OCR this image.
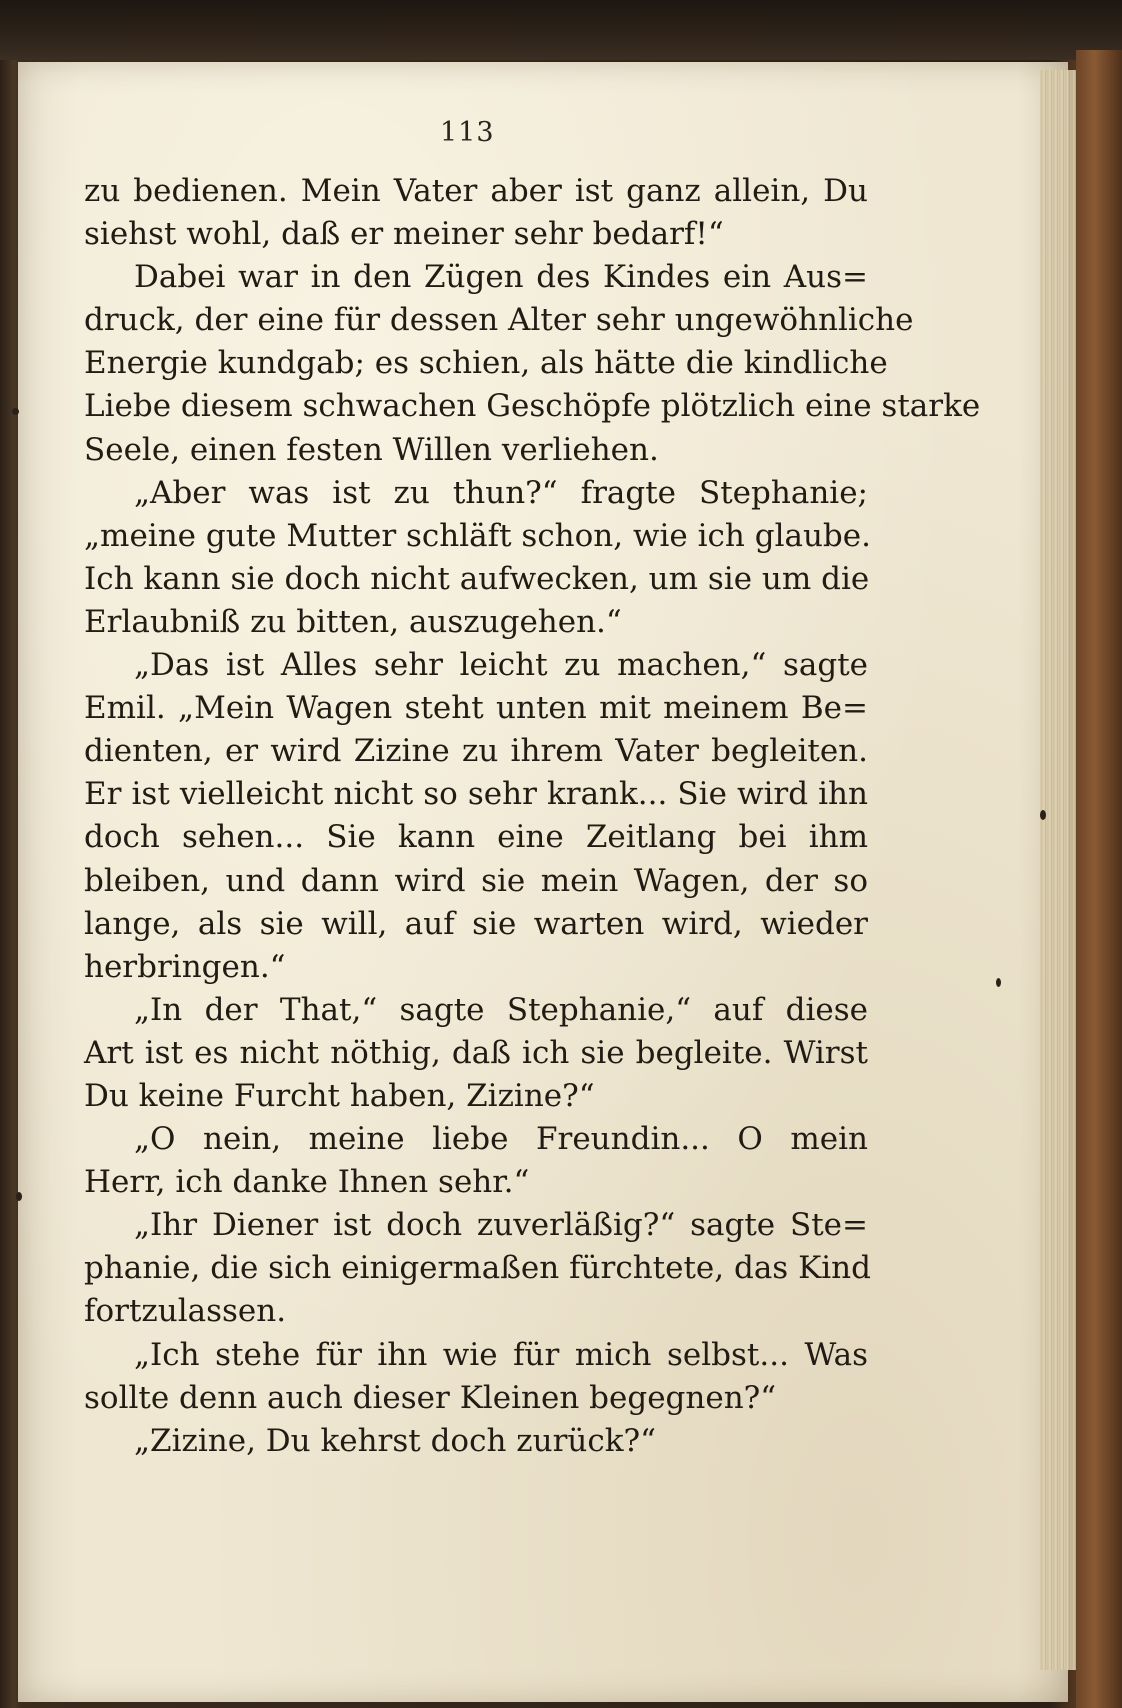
113
zu bedienen. Mein Vater aber ist ganz allein, Du
siehst wohl, daß er meiner sehr bedarf!“
Dabei war in den Zügen des Kindes ein Aus=
druck, der eine für dessen Alter sehr ungewöhnliche
Energie kundgab; es schien, als hätte die kindliche
Liebe diesem schwachen Geschöpfe plötzlich eine starke
Seele, einen festen Willen verliehen.
„Aber was ist zu thun?“ fragte Stephanie;
„meine gute Mutter schläft schon, wie ich glaube.
Ich kann sie doch nicht aufwecken, um sie um die
Erlaubniß zu bitten, auszugehen.“
„Das ist Alles sehr leicht zu machen,“ sagte
Emil. „Mein Wagen steht unten mit meinem Be=
dienten, er wird Zizine zu ihrem Vater begleiten.
Er ist vielleicht nicht so sehr krank... Sie wird ihn
doch sehen... Sie kann eine Zeitlang bei ihm
bleiben, und dann wird sie mein Wagen, der so
lange, als sie will, auf sie warten wird, wieder
herbringen.“
„In der That,“ sagte Stephanie,“ auf diese
Art ist es nicht nöthig, daß ich sie begleite. Wirst
Du keine Furcht haben, Zizine?“
„O nein, meine liebe Freundin... O mein
Herr, ich danke Ihnen sehr.“
„Ihr Diener ist doch zuverläßig?“ sagte Ste=
phanie, die sich einigermaßen fürchtete, das Kind
fortzulassen.
„Ich stehe für ihn wie für mich selbst... Was
sollte denn auch dieser Kleinen begegnen?“
„Zizine, Du kehrst doch zurück?“
